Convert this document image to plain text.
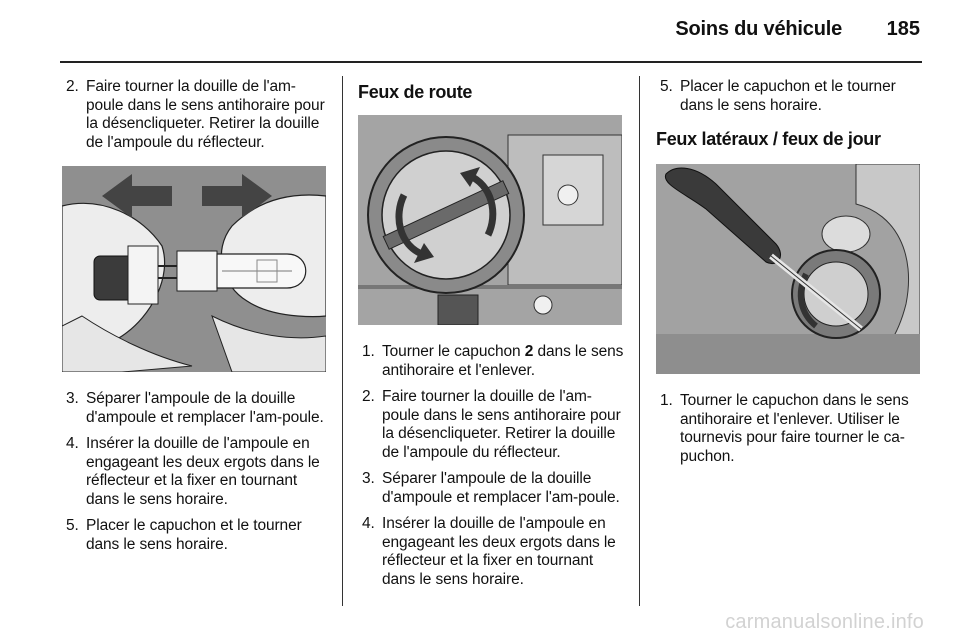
Soins du véhicule 185
2. Faire tourner la douille de l'am-poule dans le sens antihoraire pour la désencliqueter. Retirer la douille de l'ampoule du réflecteur.
3. Séparer l'ampoule de la douille d'ampoule et remplacer l'am-poule.
4. Insérer la douille de l'ampoule en engageant les deux ergots dans le réflecteur et la fixer en tournant dans le sens horaire.
5. Placer le capuchon et le tourner dans le sens horaire.
Feux de route
1. Tourner le capuchon 2 dans le sens antihoraire et l'enlever.
2. Faire tourner la douille de l'am-poule dans le sens antihoraire pour la désencliqueter. Retirer la douille de l'ampoule du réflecteur.
3. Séparer l'ampoule de la douille d'ampoule et remplacer l'am-poule.
4. Insérer la douille de l'ampoule en engageant les deux ergots dans le réflecteur et la fixer en tournant dans le sens horaire.
5. Placer le capuchon et le tourner dans le sens horaire.
Feux latéraux / feux de jour
1. Tourner le capuchon dans le sens antihoraire et l'enlever. Utiliser le tournevis pour faire tourner le ca-puchon.
carmanualsonline.info
